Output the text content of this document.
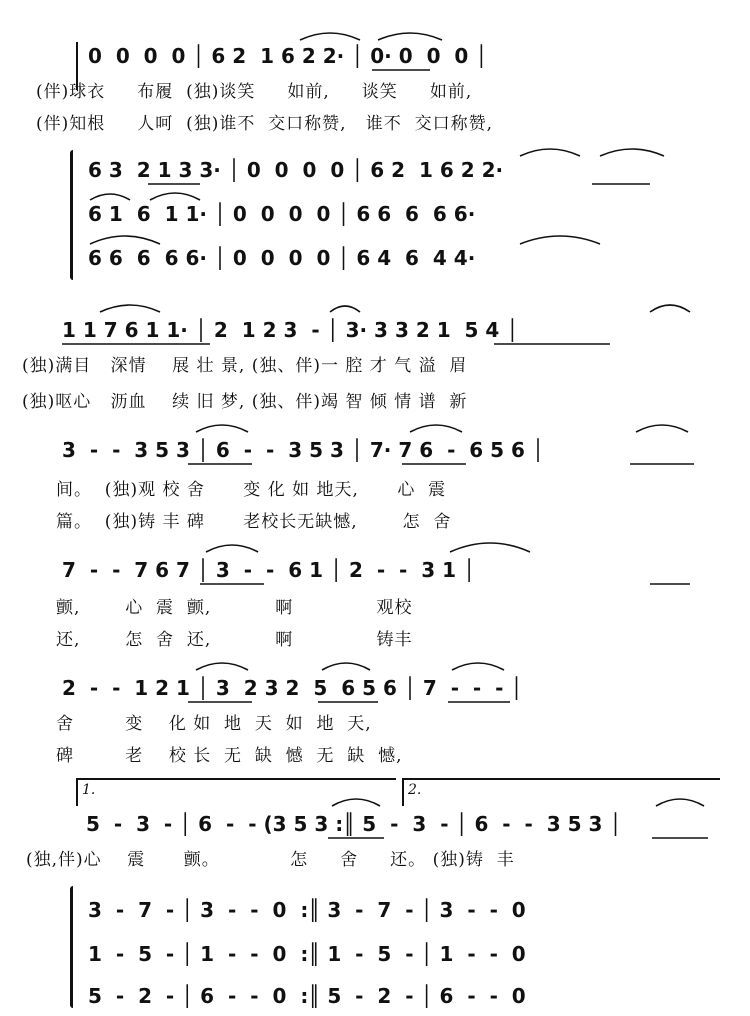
0  0  0  0 │ 6 2  1 6 2 2· │ 0· 0  0  0 │
(伴)球衣     布履  (独)谈笑     如前,     谈笑     如前,
(伴)知根     人呵  (独)谁不  交口称赞,   谁不  交口称赞,
6 3  2 1 3 3· │ 0  0  0  0 │ 6 2  1 6 2 2·
6 1  6  1 1· │ 0  0  0  0 │ 6 6  6  6 6·
6 6  6  6 6· │ 0  0  0  0 │ 6 4  6  4 4·
1 1 7 6 1 1· │ 2  1 2 3  - │ 3· 3 3 2 1  5 4 │
(独)满目   深情    展 壮 景, (独、伴)一 腔 才 气 溢  眉
(独)呕心   沥血    续 旧 梦, (独、伴)竭 智 倾 情 谱  新
3  -  -  3 5 3 │ 6  -  -  3 5 3 │ 7· 7 6  -  6 5 6 │
间。  (独)观 校 舍      变 化 如 地天,      心  震
篇。  (独)铸 丰 碑      老校长无缺憾,       怎  舍
7  -  -  7 6 7 │ 3  -  -  6 1 │ 2  -  -  3 1 │
颤,       心  震  颤,          啊             观校
还,       怎  舍  还,          啊             铸丰
2  -  -  1 2 1 │ 3  2 3 2  5  6 5 6 │ 7  -  -  - │
舍        变    化 如  地  天  如  地  天,
碑        老    校 长  无  缺  憾  无  缺  憾,
1.	2.
5  -  3  - │ 6  -  - (3 5 3 :║ 5  -  3  - │ 6  -  -  3 5 3 │
(独,伴)心    震      颤。           怎     舍     还。 (独)铸  丰
3  -  7  - │ 3  -  -  0  :║ 3  -  7  - │ 3  -  -  0
1  -  5  - │ 1  -  -  0  :║ 1  -  5  - │ 1  -  -  0
5  -  2  - │ 6  -  -  0  :║ 5  -  2  - │ 6  -  -  0
